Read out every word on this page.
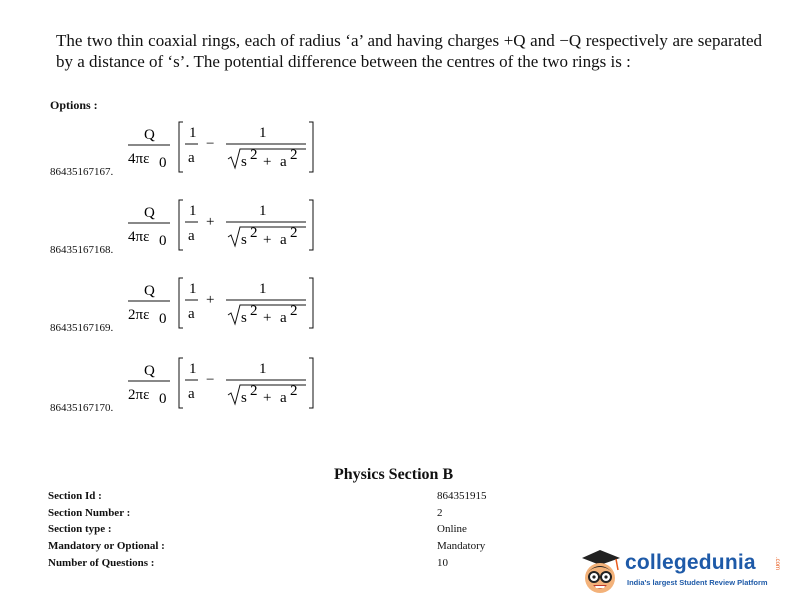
The two thin coaxial rings, each of radius ‘a’ and having charges +Q and −Q respectively are separated by a distance of ‘s’. The potential difference between the centres of the two rings is :
Options :
86435167167.
Q
4πε 0
1
a
−
1
s 2 + a 2
86435167168.
Q
4πε 0
1
a
+
1
s 2 + a 2
86435167169.
Q
2πε 0
1
a
+
1
s 2 + a 2
86435167170.
Q
2πε 0
1
a
−
1
s 2 + a 2
Physics Section B
Section Id :	864351915
Section Number :	2
Section type :	Online
Mandatory or Optional :	Mandatory
Number of Questions :	10	collegedunia	.com
India's largest Student Review Platform
